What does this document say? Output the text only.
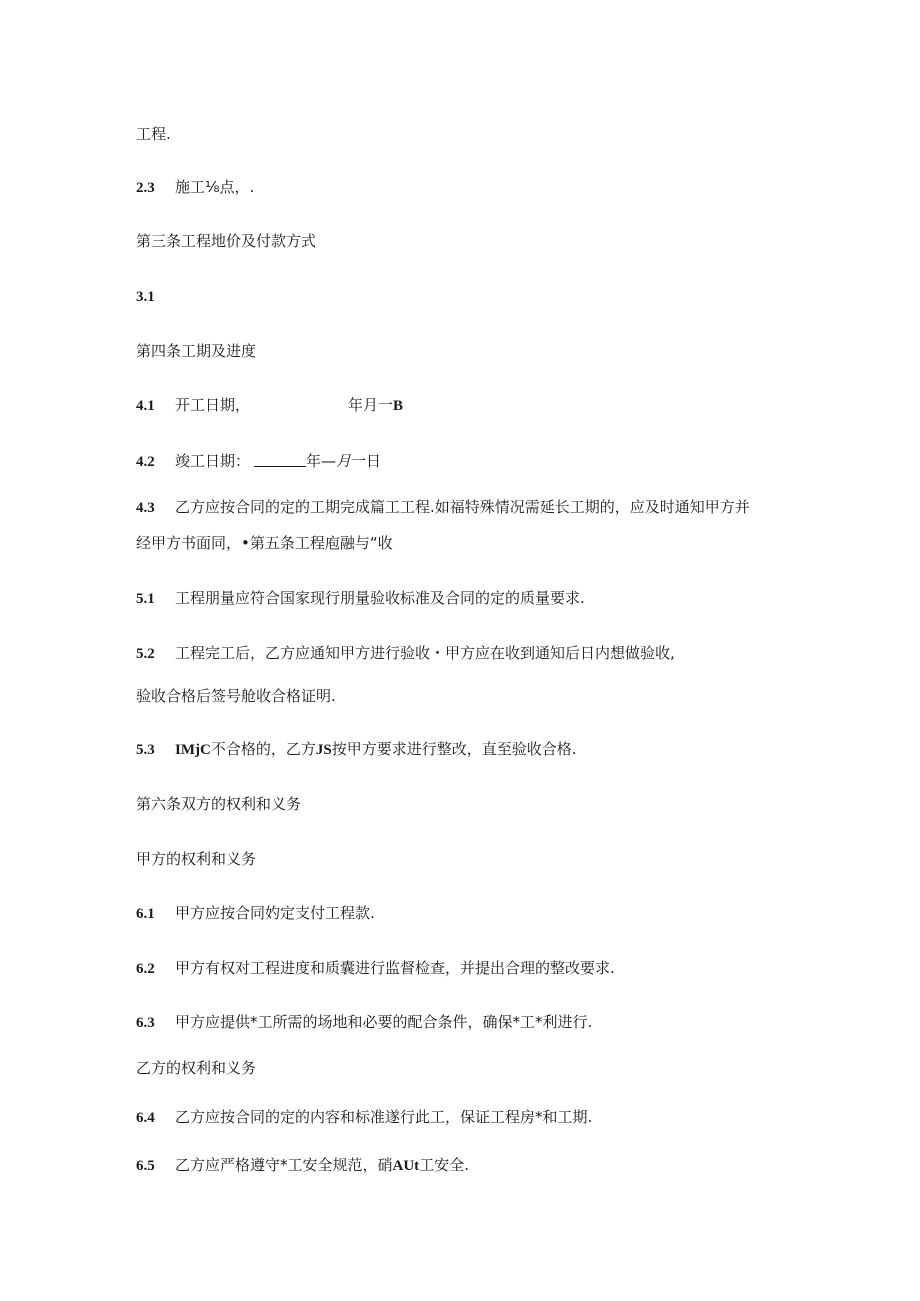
工程.
2.3 施工⅛点，.
第三条工程地价及付款方式
3.1
第四条工期及进度
4.1 开工日期，	年月一B
4.2 竣工日期：	年—月一日
4.3 乙方应按合同的定的工期完成篇工工程.如福特殊情况需延长工期的，应及时通知甲方并
经甲方书面同，•第五条工程庖融与“收
5.1 工程朋量应符合国家现行朋量验收标准及合同的定的质量要求.
5.2 工程完工后，乙方应通知甲方进行验收・甲方应在收到通知后日内想做验收,
验收合格后签号舱收合格证明.
5.3 IMjC不合格的，乙方JS按甲方要求进行整改，直至验收合格.
第六条双方的权利和义务
甲方的权利和义务
6.1 甲方应按合同妁定支付工程款.
6.2 甲方有权对工程进度和质囊进行监督检查，并提出合理的整改要求.
6.3 甲方应提供*工所需的场地和必要的配合条件，确保*工*利进行.
乙方的权利和义务
6.4 乙方应按合同的定的内容和标准遂行此工，保证工程房*和工期.
6.5 乙方应严格遵守*工安全规范，硝AUt工安全.
